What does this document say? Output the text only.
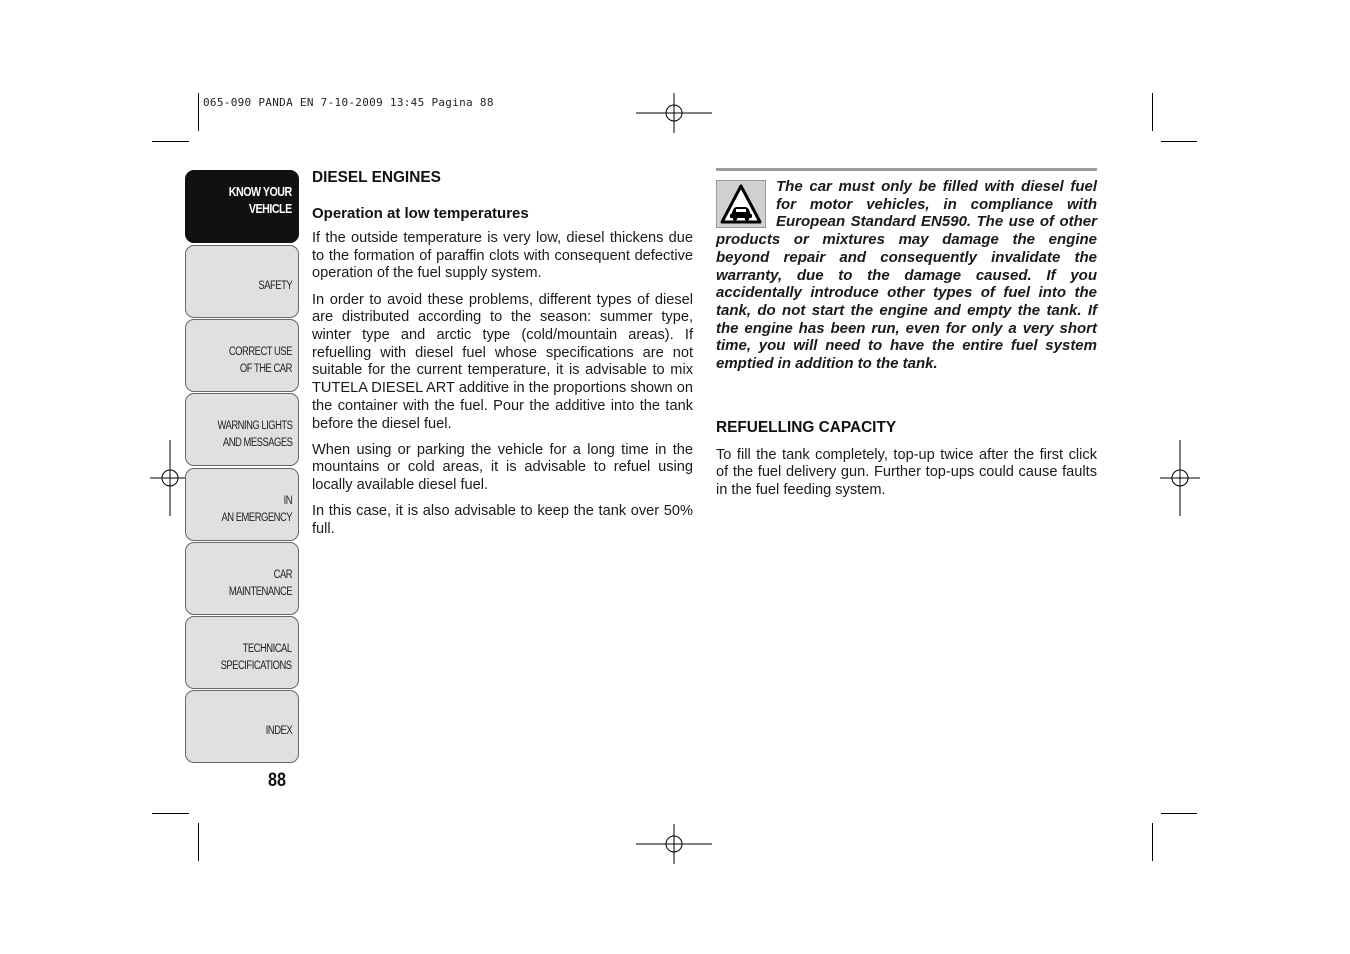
065-090 PANDA EN 7-10-2009 13:45 Pagina 88
KNOW YOUR
VEHICLE
SAFETY
CORRECT USE
OF THE CAR
WARNING LIGHTS
AND MESSAGES
IN
AN EMERGENCY
CAR
MAINTENANCE
TECHNICAL
SPECIFICATIONS
INDEX
88
DIESEL ENGINES
Operation at low temperatures

If the outside temperature is very low, diesel thickens due to the formation of paraffin clots with consequent defective operation of the fuel supply system.

In order to avoid these problems, different types of diesel are distributed according to the season: summer type, winter type and arctic type (cold/mountain areas). If refuelling with diesel fuel whose specifications are not suitable for the current temperature, it is advisable to mix TUTELA DIESEL ART additive in the proportions shown on the container with the fuel. Pour the additive into the tank before the diesel fuel.

When using or parking the vehicle for a long time in the mountains or cold areas, it is advisable to refuel using locally available diesel fuel.

In this case, it is also advisable to keep the tank over 50% full.

The car must only be filled with diesel fuel for motor vehicles, in compliance with European Standard EN590. The use of other products or mixtures may damage the engine beyond repair and consequently invalidate the warranty, due to the damage caused. If you accidentally introduce other types of fuel into the tank, do not start the engine and empty the tank. If the engine has been run, even for only a very short time, you will need to have the entire fuel system emptied in addition to the tank.
REFUELLING CAPACITY

To fill the tank completely, top-up twice after the first click of the fuel delivery gun. Further top-ups could cause faults in the fuel feeding system.
